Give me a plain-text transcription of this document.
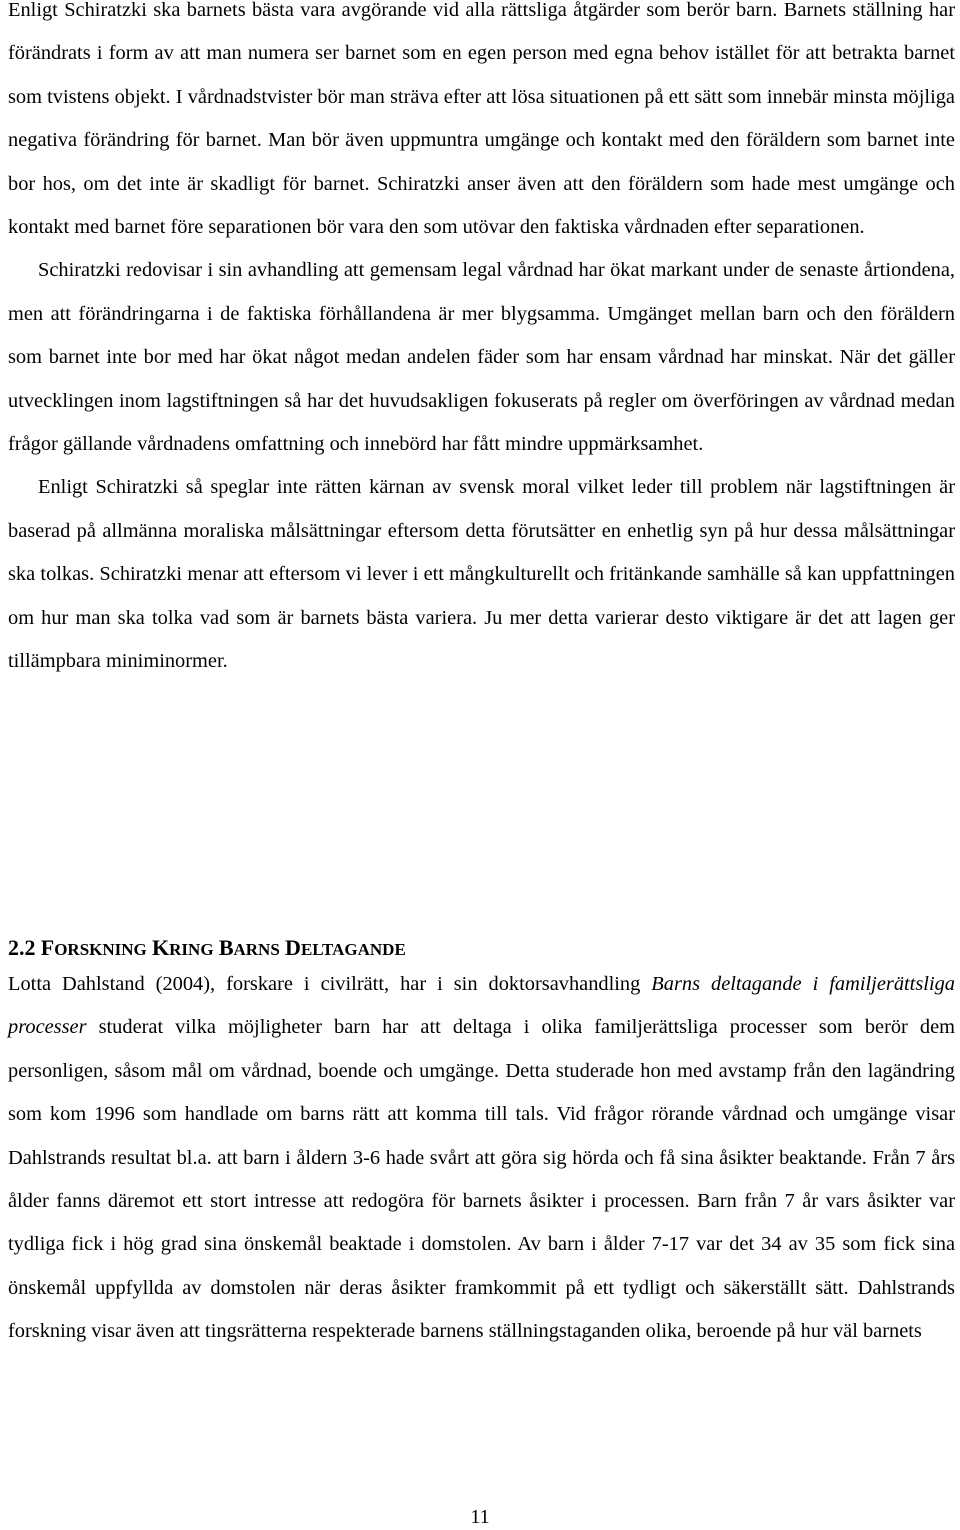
Enligt Schiratzki ska barnets bästa vara avgörande vid alla rättsliga åtgärder som berör barn. Barnets ställning har förändrats i form av att man numera ser barnet som en egen person med egna behov istället för att betrakta barnet som tvistens objekt. I vårdnadstvister bör man sträva efter att lösa situationen på ett sätt som innebär minsta möjliga negativa förändring för barnet. Man bör även uppmuntra umgänge och kontakt med den föräldern som barnet inte bor hos, om det inte är skadligt för barnet. Schiratzki anser även att den föräldern som hade mest umgänge och kontakt med barnet före separationen bör vara den som utövar den faktiska vårdnaden efter separationen.

Schiratzki redovisar i sin avhandling att gemensam legal vårdnad har ökat markant under de senaste årtiondena, men att förändringarna i de faktiska förhållandena är mer blygsamma. Umgänget mellan barn och den föräldern som barnet inte bor med har ökat något medan andelen fäder som har ensam vårdnad har minskat. När det gäller utvecklingen inom lagstiftningen så har det huvudsakligen fokuserats på regler om överföringen av vårdnad medan frågor gällande vårdnadens omfattning och innebörd har fått mindre uppmärksamhet.

Enligt Schiratzki så speglar inte rätten kärnan av svensk moral vilket leder till problem när lagstiftningen är baserad på allmänna moraliska målsättningar eftersom detta förutsätter en enhetlig syn på hur dessa målsättningar ska tolkas. Schiratzki menar att eftersom vi lever i ett mångkulturellt och fritänkande samhälle så kan uppfattningen om hur man ska tolka vad som är barnets bästa variera. Ju mer detta varierar desto viktigare är det att lagen ger tillämpbara miniminormer.

2.2 FORSKNING KRING BARNS DELTAGANDE

Lotta Dahlstand (2004), forskare i civilrätt, har i sin doktorsavhandling Barns deltagande i familjerättsliga processer studerat vilka möjligheter barn har att deltaga i olika familjerättsliga processer som berör dem personligen, såsom mål om vårdnad, boende och umgänge. Detta studerade hon med avstamp från den lagändring som kom 1996 som handlade om barns rätt att komma till tals. Vid frågor rörande vårdnad och umgänge visar Dahlstrands resultat bl.a. att barn i åldern 3-6 hade svårt att göra sig hörda och få sina åsikter beaktande. Från 7 års ålder fanns däremot ett stort intresse att redogöra för barnets åsikter i processen. Barn från 7 år vars åsikter var tydliga fick i hög grad sina önskemål beaktade i domstolen. Av barn i ålder 7-17 var det 34 av 35 som fick sina önskemål uppfyllda av domstolen när deras åsikter framkommit på ett tydligt och säkerställt sätt. Dahlstrands forskning visar även att tingsrätterna respekterade barnens ställningstaganden olika, beroende på hur väl barnets

11
